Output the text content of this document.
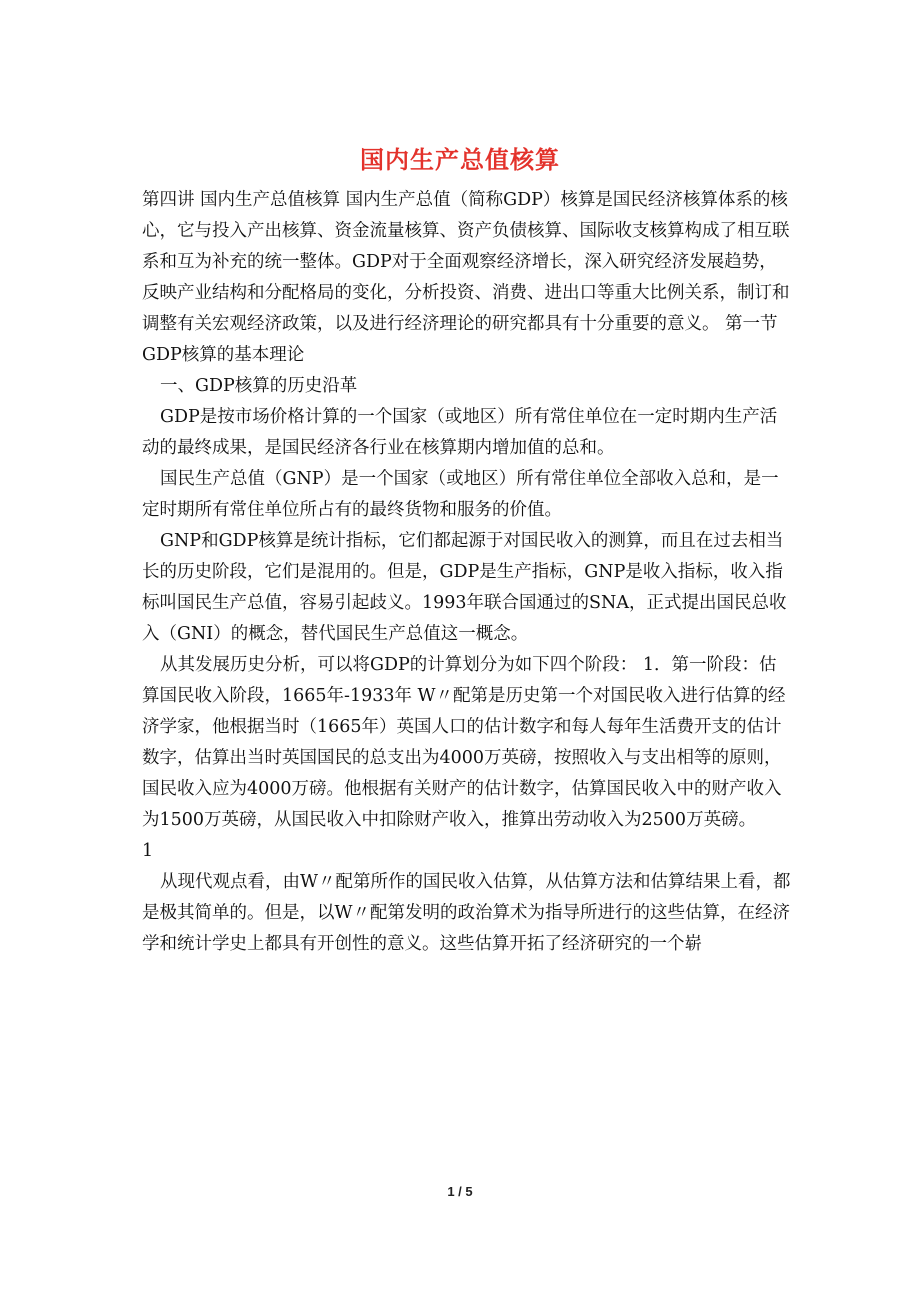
国内生产总值核算

第四讲 国内生产总值核算 国内生产总值（简称GDP）核算是国民经济核算体系的核心，它与投入产出核算、资金流量核算、资产负债核算、国际收支核算构成了相互联系和互为补充的统一整体。GDP对于全面观察经济增长，深入研究经济发展趋势，反映产业结构和分配格局的变化，分析投资、消费、进出口等重大比例关系，制订和调整有关宏观经济政策，以及进行经济理论的研究都具有十分重要的意义。 第一节 GDP核算的基本理论

一、GDP核算的历史沿革

GDP是按市场价格计算的一个国家（或地区）所有常住单位在一定时期内生产活动的最终成果，是国民经济各行业在核算期内增加值的总和。

国民生产总值（GNP）是一个国家（或地区）所有常住单位全部收入总和，是一定时期所有常住单位所占有的最终货物和服务的价值。

GNP和GDP核算是统计指标，它们都起源于对国民收入的测算，而且在过去相当长的历史阶段，它们是混用的。但是，GDP是生产指标，GNP是收入指标，收入指标叫国民生产总值，容易引起歧义。1993年联合国通过的SNA，正式提出国民总收入（GNI）的概念，替代国民生产总值这一概念。

从其发展历史分析，可以将GDP的计算划分为如下四个阶段： 1．第一阶段：估算国民收入阶段，1665年-1933年 W〃配第是历史第一个对国民收入进行估算的经济学家，他根据当时（1665年）英国人口的估计数字和每人每年生活费开支的估计数字，估算出当时英国国民的总支出为4000万英磅，按照收入与支出相等的原则，国民收入应为4000万磅。他根据有关财产的估计数字，估算国民收入中的财产收入为1500万英磅，从国民收入中扣除财产收入，推算出劳动收入为2500万英磅。

1

从现代观点看，由W〃配第所作的国民收入估算，从估算方法和估算结果上看，都是极其简单的。但是，以W〃配第发明的政治算术为指导所进行的这些估算，在经济学和统计学史上都具有开创性的意义。这些估算开拓了经济研究的一个崭

1 / 5
